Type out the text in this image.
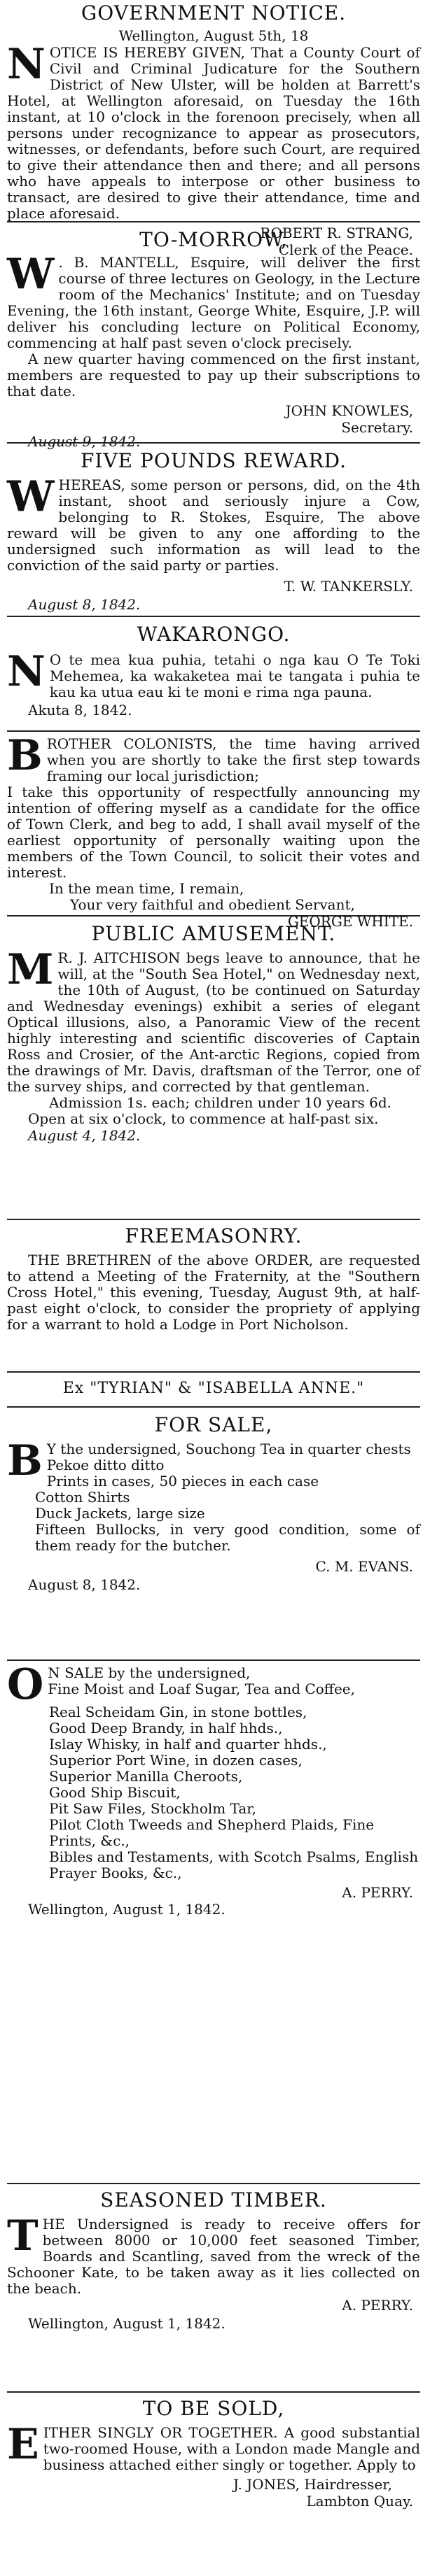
GOVERNMENT NOTICE.
Wellington, August 5th, 18
NOTICE IS HEREBY GIVEN, That a County Court of Civil and Criminal Judicature for the Southern District of New Ulster, will be holden at Barrett's Hotel, at Wellington aforesaid, on Tuesday the 16th instant, at 10 o'clock in the forenoon precisely, when all persons under recognizance to appear as prosecutors, witnesses, or defendants, before such Court, are required to give their attendance then and there; and all persons who have appeals to interpose or other business to transact, are desired to give their attendance, time and place aforesaid.
ROBERT R. STRANG,
Clerk of the Peace.
TO-MORROW,
W . B. MANTELL, Esquire, will deliver the first course of three lectures on Geology, in the Lecture room of the Mechanics' Institute; and on Tuesday Evening, the 16th instant, George White, Esquire, J.P. will deliver his concluding lecture on Political Economy, commencing at half past seven o'clock precisely.
A new quarter having commenced on the first instant, members are requested to pay up their subscriptions to that date.
JOHN KNOWLES,
Secretary.
August 9, 1842.
FIVE POUNDS REWARD.
WHEREAS, some person or persons, did, on the 4th instant, shoot and seriously injure a Cow, belonging to R. Stokes, Esquire, The above reward will be given to any one affording to the undersigned such information as will lead to the conviction of the said party or parties.
T. W. TANKERSLY.
August 8, 1842.
WAKARONGO.
N O te mea kua puhia, tetahi o nga kau O Te Toki Mehemea, ka wakaketea mai te tangata i puhia te kau ka utua eau ki te moni e rima nga pauna.
Akuta 8, 1842.
BROTHER COLONISTS, the time having arrived when you are shortly to take the first step towards framing our local jurisdiction;
I take this opportunity of respectfully announcing my intention of offering myself as a candidate for the office of Town Clerk, and beg to add, I shall avail myself of the earliest opportunity of personally waiting upon the members of the Town Council, to solicit their votes and interest.
In the mean time, I remain,
Your very faithful and obedient Servant,
GEORGE WHITE.
PUBLIC AMUSEMENT.
M R. J. AITCHISON begs leave to announce, that he will, at the "South Sea Hotel," on Wednesday next, the 10th of August, (to be continued on Saturday and Wednesday evenings) exhibit a series of elegant Optical illusions, also, a Panoramic View of the recent highly interesting and scientific discoveries of Captain Ross and Crosier, of the Ant-arctic Regions, copied from the drawings of Mr. Davis, draftsman of the Terror, one of the survey ships, and corrected by that gentleman.
Admission 1s. each; children under 10 years 6d.
Open at six o'clock, to commence at half-past six.
August 4, 1842.
FREEMASONRY.
THE BRETHREN of the above ORDER, are requested to attend a Meeting of the Fraternity, at the "Southern Cross Hotel," this evening, Tuesday, August 9th, at half-past eight o'clock, to consider the propriety of applying for a warrant to hold a Lodge in Port Nicholson.
Ex "TYRIAN" & "ISABELLA ANNE."
FOR SALE,
B Y the undersigned, Souchong Tea in quarter chests
Pekoe ditto ditto
Prints in cases, 50 pieces in each case
Cotton Shirts
Duck Jackets, large size
Fifteen Bullocks, in very good condition, some of them ready for the butcher.
C. M. EVANS.
August 8, 1842.
O N SALE by the undersigned,
Fine Moist and Loaf Sugar, Tea and Coffee,
Real Scheidam Gin, in stone bottles,
Good Deep Brandy, in half hhds.,
Islay Whisky, in half and quarter hhds.,
Superior Port Wine, in dozen cases,
Superior Manilla Cheroots,
Good Ship Biscuit,
Pit Saw Files, Stockholm Tar,
Pilot Cloth Tweeds and Shepherd Plaids, Fine Prints, &c.,
Bibles and Testaments, with Scotch Psalms, English Prayer Books, &c.,
A. PERRY.
Wellington, August 1, 1842.
SEASONED TIMBER.
THE Undersigned is ready to receive offers for between 8000 or 10,000 feet seasoned Timber, Boards and Scantling, saved from the wreck of the Schooner Kate, to be taken away as it lies collected on the beach.
A. PERRY.
Wellington, August 1, 1842.
TO BE SOLD,
EITHER SINGLY OR TOGETHER. A good substantial two-roomed House, with a London made Mangle and business attached either singly or together. Apply to
J. JONES, Hairdresser,
Lambton Quay.
